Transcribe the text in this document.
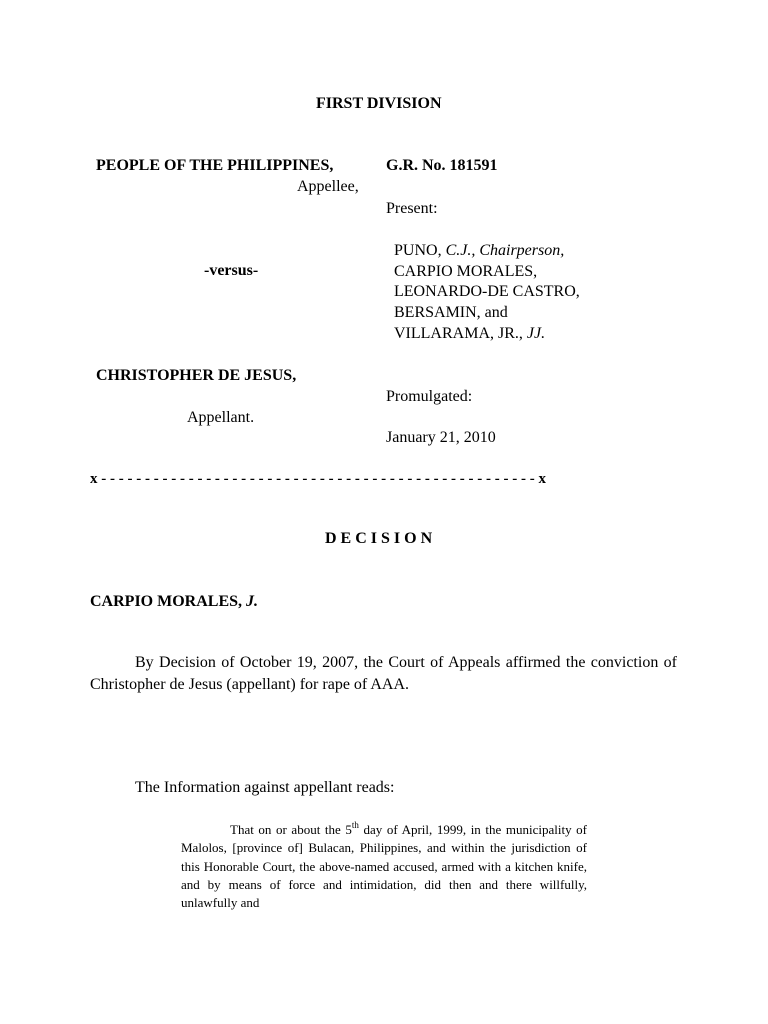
FIRST DIVISION
PEOPLE OF THE PHILIPPINES,
Appellee,
-versus-
CHRISTOPHER DE JESUS,
Appellant.
G.R. No. 181591
Present:
PUNO, C.J., Chairperson,
CARPIO MORALES,
LEONARDO-DE CASTRO,
BERSAMIN, and
VILLARAMA, JR., JJ.
Promulgated:
January 21, 2010
x - - - - - - - - - - - - - - - - - - - - - - - - - - - - - - - - - - - - - - - - - - - - - - - - - - x
D E C I S I O N
CARPIO MORALES, J.

By Decision of October 19, 2007, the Court of Appeals affirmed the conviction of Christopher de Jesus (appellant) for rape of AAA.

The Information against appellant reads:

That on or about the 5th day of April, 1999, in the municipality of Malolos, [province of] Bulacan, Philippines, and within the jurisdiction of this Honorable Court, the above-named accused, armed with a kitchen knife, and by means of force and intimidation, did then and there willfully, unlawfully and
